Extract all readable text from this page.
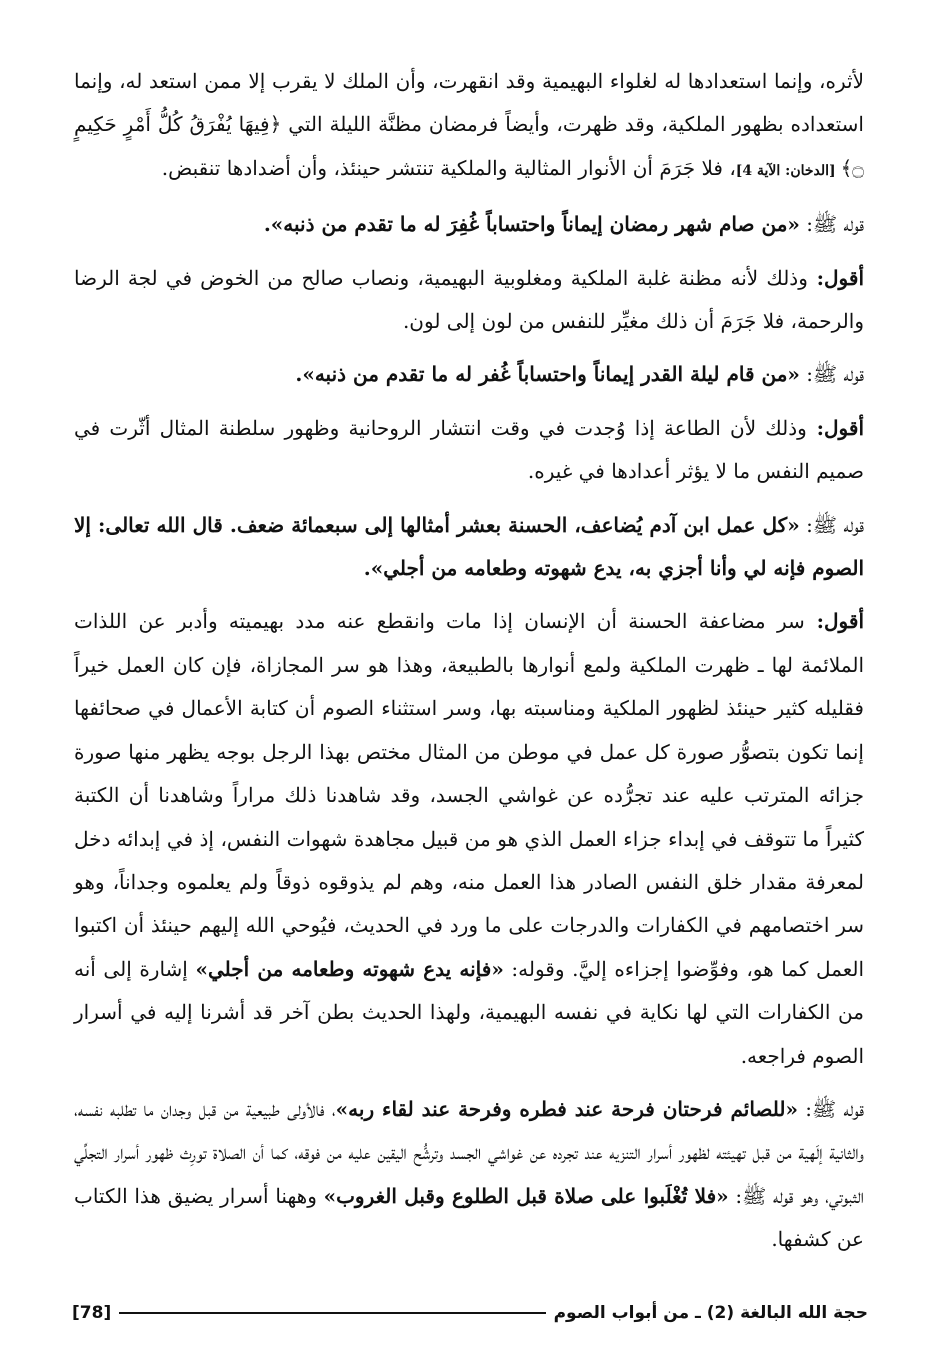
لأثره، وإنما استعدادها له لغلواء البهيمية وقد انقهرت، وأن الملك لا يقرب إلا ممن استعد له، وإنما استعداده بظهور الملكية، وقد ظهرت، وأيضاً فرمضان مظنَّة الليلة التي ﴿فِيهَا يُفْرَقُ كُلُّ أَمْرٍ حَكِيمٍ ۝﴾ [الدخان: الآية 4]، فلا جَرَمَ أن الأنوار المثالية والملكية تنتشر حينئذ، وأن أضدادها تنقبض.

قوله ﷺ: «من صام شهر رمضان إيماناً واحتساباً غُفِرَ له ما تقدم من ذنبه».

أقول: وذلك لأنه مظنة غلبة الملكية ومغلوبية البهيمية، ونصاب صالح من الخوض في لجة الرضا والرحمة، فلا جَرَمَ أن ذلك مغيِّر للنفس من لون إلى لون.

قوله ﷺ: «من قام ليلة القدر إيماناً واحتساباً غُفر له ما تقدم من ذنبه».

أقول: وذلك لأن الطاعة إذا وُجدت في وقت انتشار الروحانية وظهور سلطنة المثال أثّرت في صميم النفس ما لا يؤثر أعدادها في غيره.

قوله ﷺ: «كل عمل ابن آدم يُضاعف، الحسنة بعشر أمثالها إلى سبعمائة ضعف. قال الله تعالى: إلا الصوم فإنه لي وأنا أجزي به، يدع شهوته وطعامه من أجلي».

أقول: سر مضاعفة الحسنة أن الإنسان إذا مات وانقطع عنه مدد بهيميته وأدبر عن اللذات الملائمة لها ـ ظهرت الملكية ولمع أنوارها بالطبيعة، وهذا هو سر المجازاة، فإن كان العمل خيراً فقليله كثير حينئذ لظهور الملكية ومناسبته بها، وسر استثناء الصوم أن كتابة الأعمال في صحائفها إنما تكون بتصوُّر صورة كل عمل في موطن من المثال مختص بهذا الرجل بوجه يظهر منها صورة جزائه المترتب عليه عند تجرُّده عن غواشي الجسد، وقد شاهدنا ذلك مراراً وشاهدنا أن الكتبة كثيراً ما تتوقف في إبداء جزاء العمل الذي هو من قبيل مجاهدة شهوات النفس، إذ في إبدائه دخل لمعرفة مقدار خلق النفس الصادر هذا العمل منه، وهم لم يذوقوه ذوقاً ولم يعلموه وجداناً، وهو سر اختصامهم في الكفارات والدرجات على ما ورد في الحديث، فيُوحي الله إليهم حينئذ أن اكتبوا العمل كما هو، وفوِّضوا إجزاءه إليَّ. وقوله: «فإنه يدع شهوته وطعامه من أجلي» إشارة إلى أنه من الكفارات التي لها نكاية في نفسه البهيمية، ولهذا الحديث بطن آخر قد أشرنا إليه في أسرار الصوم فراجعه.

قوله ﷺ: «للصائم فرحتان فرحة عند فطره وفرحة عند لقاء ربه»، فالأولى طبيعية من قبل وجدان ما تطلبه نفسه، والثانية إلَهية من قبل تهيئته لظهور أسرار التنزيه عند تجرده عن غواشي الجسد وترشُّح اليقين عليه من فوقه، كما أن الصلاة تورِث ظهور أسرار التجلِّي الثبوتي، وهو قوله ﷺ: «فلا تُغْلَبوا على صلاة قبل الطلوع وقبل الغروب» وههنا أسرار يضيق هذا الكتاب عن كشفها.

حجة الله البالغة (2) ـ من أبواب الصوم
[78]
